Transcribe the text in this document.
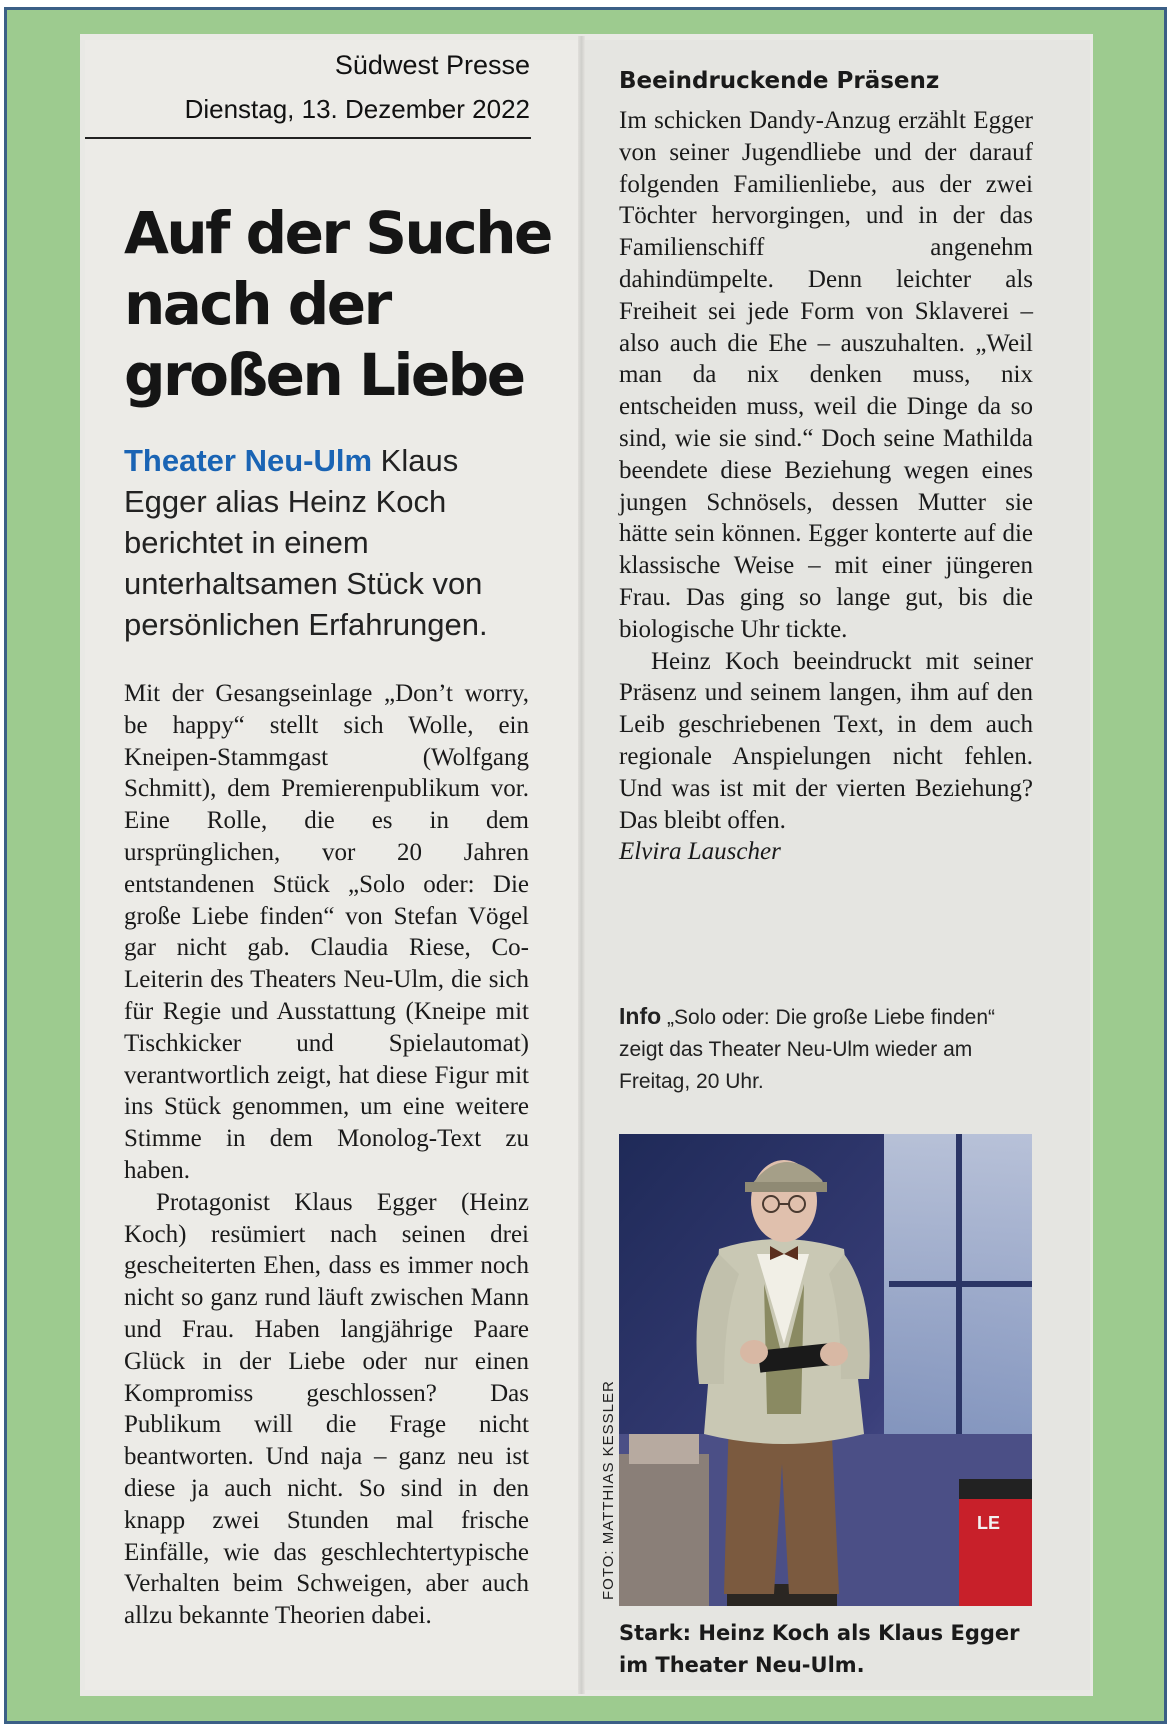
Südwest Presse
Dienstag, 13. Dezember 2022
Auf der Suche
nach der
großen Liebe

Theater Neu-Ulm Klaus Egger alias Heinz Koch berichtet in einem unterhaltsamen Stück von persönlichen Erfahrungen.

Mit der Gesangseinlage „Don’t worry, be happy“ stellt sich Wolle, ein Kneipen-Stammgast (Wolfgang Schmitt), dem Premierenpublikum vor. Eine Rolle, die es in dem ursprünglichen, vor 20 Jahren entstandenen Stück „Solo oder: Die große Liebe finden“ von Stefan Vögel gar nicht gab. Claudia Riese, Co-Leiterin des Theaters Neu-Ulm, die sich für Regie und Ausstattung (Kneipe mit Tischkicker und Spielautomat) verantwortlich zeigt, hat diese Figur mit ins Stück genommen, um eine weitere Stimme in dem Monolog-Text zu haben.

Protagonist Klaus Egger (Heinz Koch) resümiert nach seinen drei gescheiterten Ehen, dass es immer noch nicht so ganz rund läuft zwischen Mann und Frau. Haben langjährige Paare Glück in der Liebe oder nur einen Kompromiss geschlossen? Das Publikum will die Frage nicht beantworten. Und naja – ganz neu ist diese ja auch nicht. So sind in den knapp zwei Stunden mal frische Einfälle, wie das geschlechtertypische Verhalten beim Schweigen, aber auch allzu bekannte Theorien dabei.

Beeindruckende Präsenz

Im schicken Dandy-Anzug erzählt Egger von seiner Jugendliebe und der darauf folgenden Familienliebe, aus der zwei Töchter hervorgingen, und in der das Familienschiff angenehm dahindümpelte. Denn leichter als Freiheit sei jede Form von Sklaverei – also auch die Ehe – auszuhalten. „Weil man da nix denken muss, nix entscheiden muss, weil die Dinge da so sind, wie sie sind.“ Doch seine Mathilda beendete diese Beziehung wegen eines jungen Schnösels, dessen Mutter sie hätte sein können. Egger konterte auf die klassische Weise – mit einer jüngeren Frau. Das ging so lange gut, bis die biologische Uhr tickte.

Heinz Koch beeindruckt mit seiner Präsenz und seinem langen, ihm auf den Leib geschriebenen Text, in dem auch regionale Anspielungen nicht fehlen. Und was ist mit der vierten Beziehung? Das bleibt offen.

Elvira Lauscher

Info „Solo oder: Die große Liebe finden“ zeigt das Theater Neu-Ulm wieder am Freitag, 20 Uhr.

LE

Stark: Heinz Koch als Klaus Egger im Theater Neu-Ulm.
